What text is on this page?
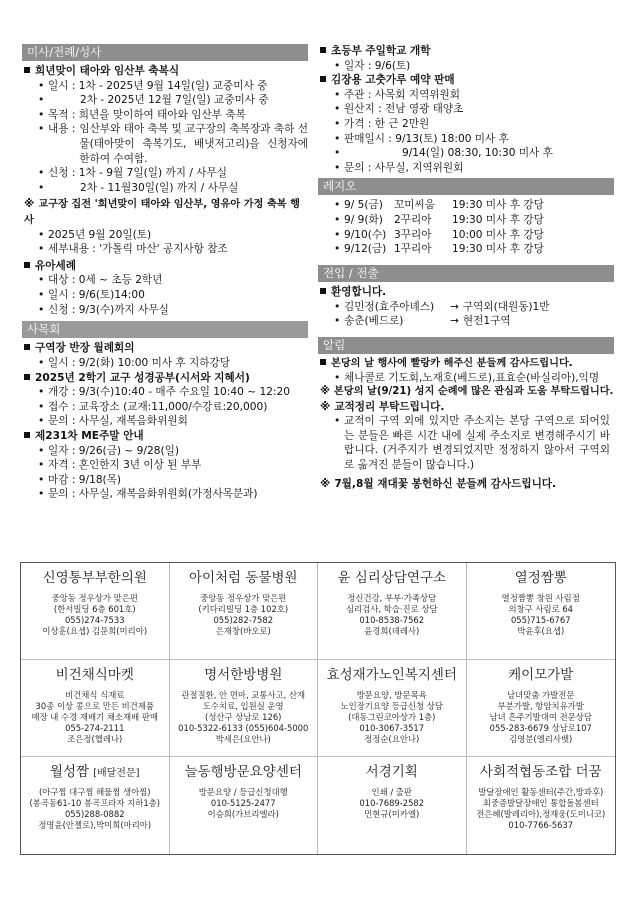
미사/전례/성사
희년맞이 태아와 임산부 축복식
• 일시 : 1차 - 2025년 9월 14일(일) 교중미사 중
• 2차 - 2025년 12월 7일(일) 교중미사 중
• 목적 : 희년을 맞이하여 태아와 임산부 축복
• 내용 : 임산부와 태아 축복 및 교구장의 축복장과 축하 선물(태아맞이 축복기도, 배냇저고리)을 신청자에 한하여 수여함.
• 신청 : 1차 - 9월 7일(일) 까지 / 사무실
• 2차 - 11월30일(일) 까지 / 사무실
※ 교구장 집전 '희년맞이 태아와 임산부, 영유아 가정 축복 행사
• 2025년 9월 20일(토)
• 세부내용 : '가톨릭 마산' 공지사항 참조
유아세례
• 대상 : 0세 ~ 초등 2학년
• 일시 : 9/6(토)14:00
• 신청 : 9/3(수)까지 사무실
사목회
구역장 반장 월례회의
• 일시 : 9/2(화) 10:00 미사 후 지하강당
2025년 2학기 교구 성경공부(시서와 지혜서)
• 개강 : 9/3(수)10:40 - 매주 수요일 10:40 ~ 12:20
• 접수 : 교육장소 (교재:11,000/수강료:20,000)
• 문의 : 사무실, 재복음화위원회
제231차 ME주말 안내
• 일자 : 9/26(금) ~ 9/28(일)
• 자격 : 혼인한지 3년 이상 된 부부
• 마감 : 9/18(목)
• 문의 : 사무실, 재복음화위원회(가정사목분과)
초등부 주일학교 개학
• 일자 : 9/6(토)
김장용 고춧가루 예약 판매
• 주관 : 사목회 지역위원회
• 원산지 : 전남 영광 태양초
• 가격 : 한 근 2만원
• 판매일시 : 9/13(토) 18:00 미사 후
• 9/14(일) 08:30, 10:30 미사 후
• 문의 : 사무실, 지역위원회
레지오
• 9/ 5(금) 꼬미씨움 19:30 미사 후 강당
• 9/ 9(화) 2꾸리아 19:30 미사 후 강당
• 9/10(수) 3꾸리아 10:00 미사 후 강당
• 9/12(금) 1꾸리아 19:30 미사 후 강당
전입 / 전출
환영합니다.
• 김민정(효주아녜스) → 구역외(대원동)1반
• 송춘(베드로)	→ 현전1구역
알림
본당의 날 행사에 빨랑카 해주신 분들께 감사드립니다.
• 체나콜로 기도회,노재호(베드로),표효순(바실리아),익명
※ 본당의 날(9/21) 성지 순례에 많은 관심과 도움 부탁드립니다.
※ 교적정리 부탁드립니다.
• 교적이 구역 외에 있지만 주소지는 본당 구역으로 되어있는 분들은 빠른 시간 내에 실제 주소지로 변경해주시기 바랍니다. (거주지가 변경되었지만 정정하지 않아서 구역외로 옮겨진 분들이 많습니다.)
※ 7월,8월 재대꽃 봉헌하신 분들께 감사드립니다.
신영통부부한의원
중앙동 정우상가 맞은편
(한서빌딩 6층 601호)
055)274-7533
이상훈(요셉) 김문희(미리아)
아이처럼 동물병원
중앙동 정우상가 맞은편
(키다리빌딩 1층 102호)
055)282-7582
은재창(바오로)
윤 심리상담연구소
정신건강, 부부·가족상담
심리검사, 학습·진로 상담
010-8538-7562
윤경희(데레사)
열정짬뽕
열정짬뽕 창원 사림점
의창구 사림로 64
055)715-6767
박윤후(요셉)
비건채식마켓
비건채식 식재료
30종 이상 콩으로 만든 비건제품
매장 내 수경 재배기 채소재배 판매
055-274-2111
조은정(헬레나)
명서한방병원
관절질환, 안 면마, 교통사고, 산재
도수치료, 입원실 운영
(성산구 상남로 126)
010-5322-6133 (055)604-5000
박세은(요안나)
효성재가노인복지센터
방문요양, 방문목욕
노인장기요양 등급신청 상담
(대동그린코아상가 1층)
010-3067-3517
정정순(요안나)
케이모가발
남녀맞춤 가발전문
부분가발, 항암치유가발
남녀 흔주기발대여 전문상담
055-283-6679 상남로107
김영분(엘리사벳)
월성짬 [배달전문]
(아구찜 대구찜 해물찜 생아찜)
(봉곡동61-10 봉곡프라자 지하1층)
055)288-0882
정명윤(안젤로),박미희(마리아)
늘동행방문요양센터
방문요양 / 등급신청대행
010-5125-2477
이승희(가브리엘라)
서경기획
인쇄 / 출판
010-7689-2582
민현규(미카엘)
사회적협동조합 더꿈
발달장애인 활동센터(주간,방과후)
최중증발달장애인 통합돌봄센터
전은혜(발레리아),정재웅(도미니코)
010-7766-5637
